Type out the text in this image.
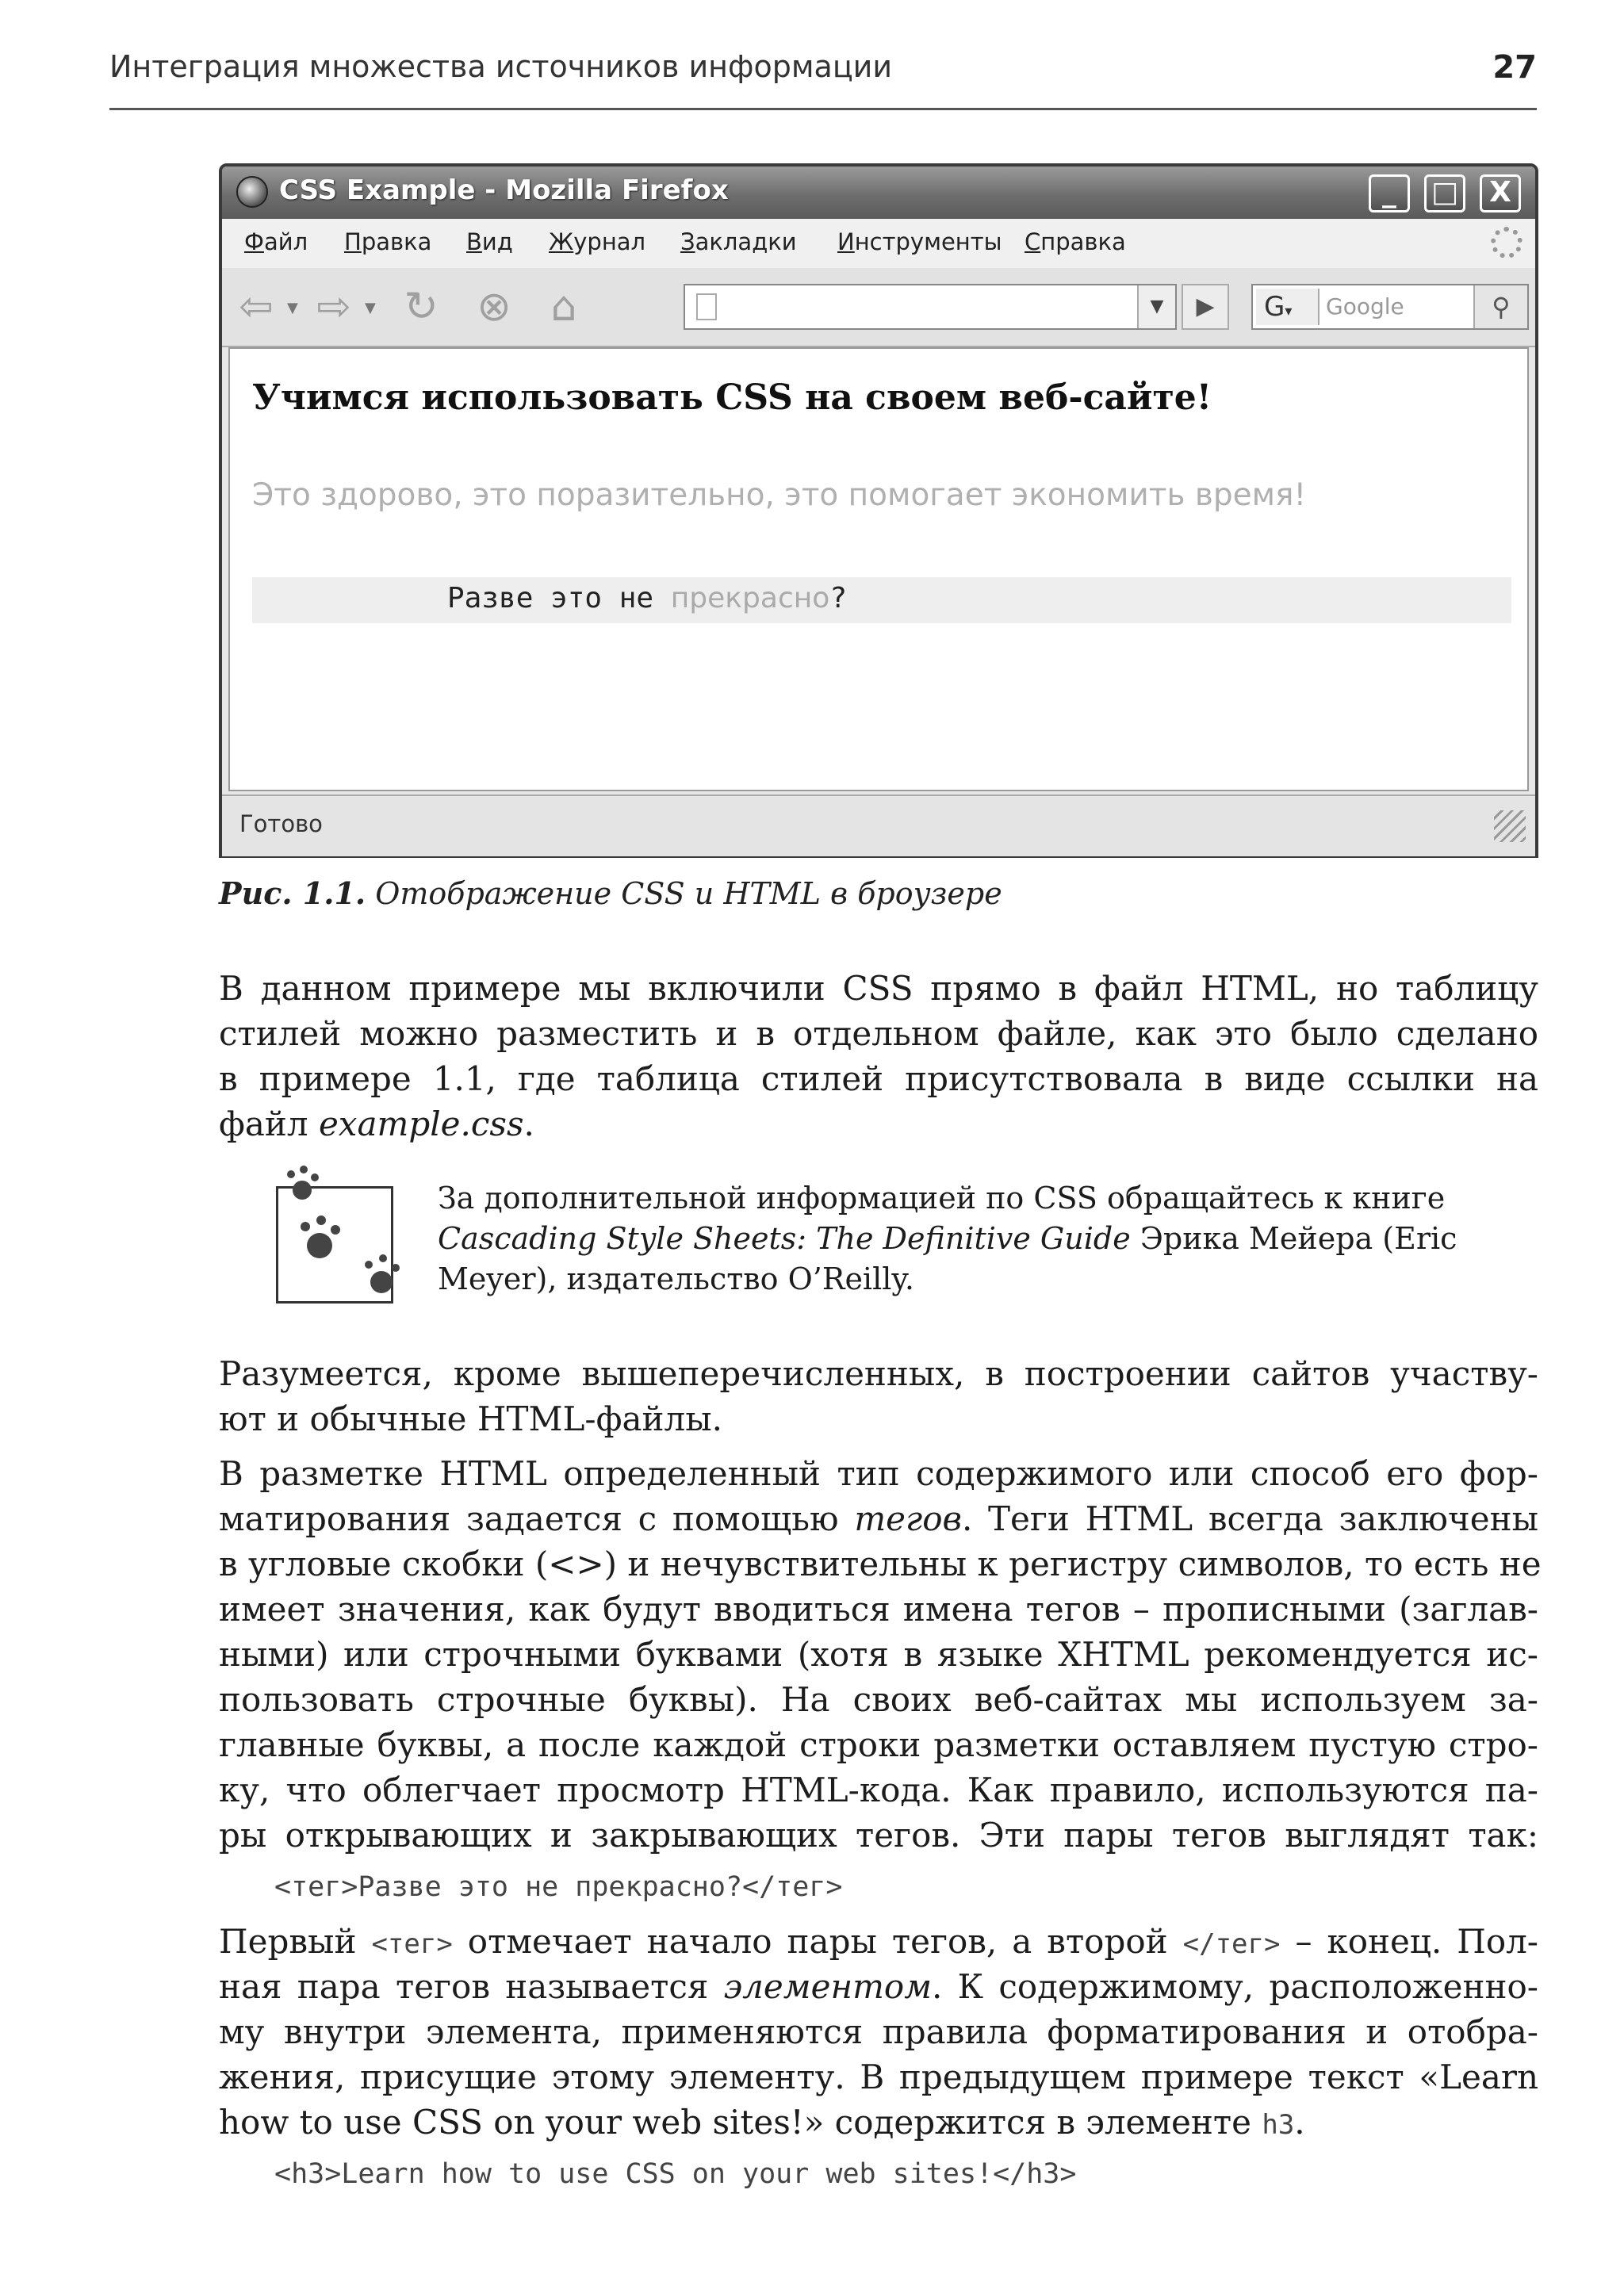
Интеграция множества источников информации	27
CSS Example - Mozilla Firefox	_	□	X
Файл Правка Вид Журнал Закладки Инструменты Справка
⇦ ▼ ⇨ ▼ ↻ ⊗ ⌂	▼	▶	G▾	Google	⚲
Учимся использовать CSS на своем веб-сайте!
Это здорово, это поразительно, это помогает экономить время!
Разве это не прекрасно?
Готово
Рис. 1.1. Отображение CSS и HTML в броузере
В данном примере мы включили CSS прямо в файл HTML, но таблицу
стилей можно разместить и в отдельном файле, как это было сделано
в примере 1.1, где таблица стилей присутствовала в виде ссылки на
файл example.css.
За дополнительной информацией по CSS обращайтесь к книге
Cascading Style Sheets: The Definitive Guide Эрика Мейера (Eric
Meyer), издательство O’Reilly.
Разумеется, кроме вышеперечисленных, в построении сайтов участву-
ют и обычные HTML-файлы.
В разметке HTML определенный тип содержимого или способ его фор-
матирования задается с помощью тегов. Теги HTML всегда заключены
в угловые скобки (<>) и нечувствительны к регистру символов, то есть не
имеет значения, как будут вводиться имена тегов – прописными (заглав-
ными) или строчными буквами (хотя в языке XHTML рекомендуется ис-
пользовать строчные буквы). На своих веб-сайтах мы используем за-
главные буквы, а после каждой строки разметки оставляем пустую стро-
ку, что облегчает просмотр HTML-кода. Как правило, используются па-
ры открывающих и закрывающих тегов. Эти пары тегов выглядят так:
<тег>Разве это не прекрасно?</тег>
Первый <тег> отмечает начало пары тегов, а второй </тег> – конец. Пол-
ная пара тегов называется элементом. К содержимому, расположенно-
му внутри элемента, применяются правила форматирования и отобра-
жения, присущие этому элементу. В предыдущем примере текст «Learn
how to use CSS on your web sites!» содержится в элементе h3.
<h3>Learn how to use CSS on your web sites!</h3>
